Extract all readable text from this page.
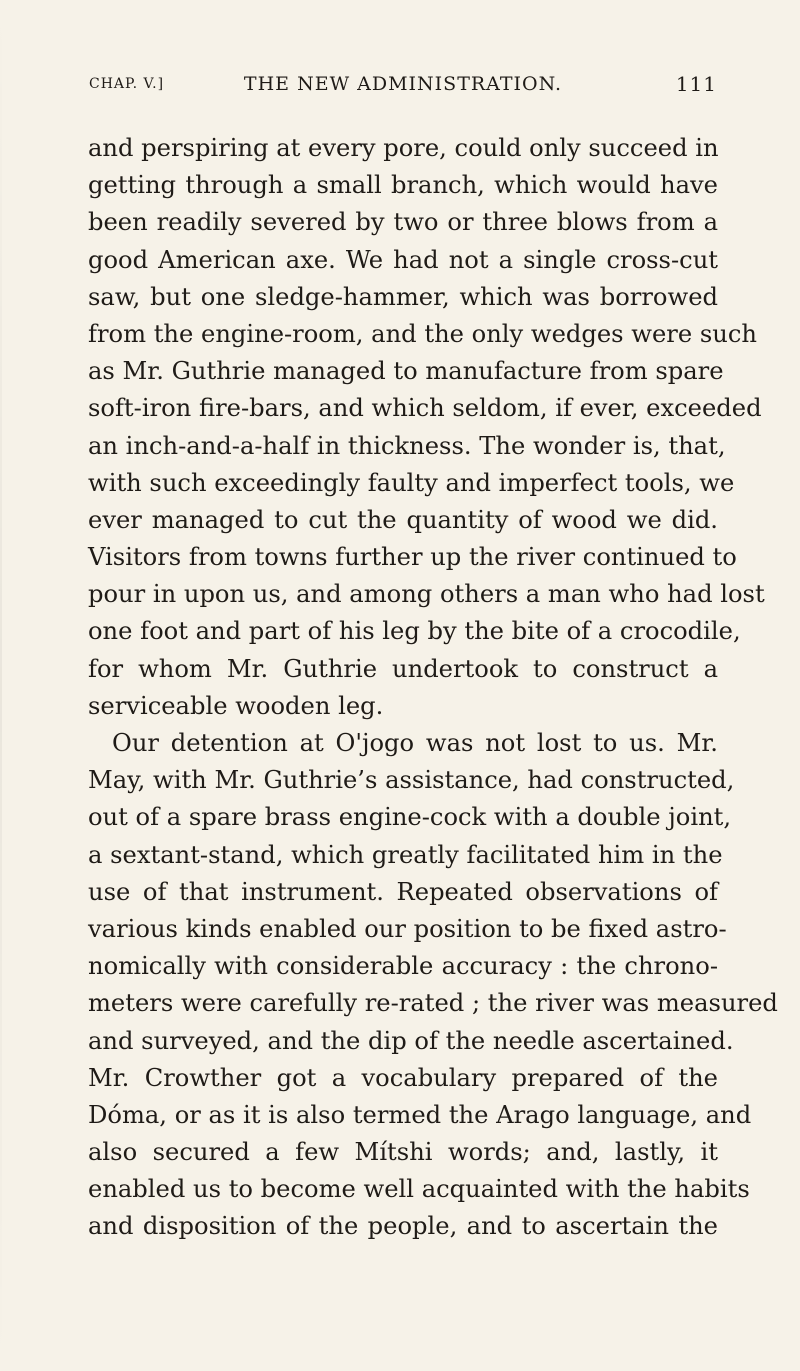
CHAP. V.]	THE NEW ADMINISTRATION.	111
and perspiring at every pore, could only succeed in
getting through a small branch, which would have
been readily severed by two or three blows from a
good American axe. We had not a single cross-cut
saw, but one sledge-hammer, which was borrowed
from the engine-room, and the only wedges were such
as Mr. Guthrie managed to manufacture from spare
soft-iron fire-bars, and which seldom, if ever, exceeded
an inch-and-a-half in thickness. The wonder is, that,
with such exceedingly faulty and imperfect tools, we
ever managed to cut the quantity of wood we did.
Visitors from towns further up the river continued to
pour in upon us, and among others a man who had lost
one foot and part of his leg by the bite of a crocodile,
for whom Mr. Guthrie undertook to construct a
serviceable wooden leg.
Our detention at O'jogo was not lost to us. Mr.
May, with Mr. Guthrie’s assistance, had constructed,
out of a spare brass engine-cock with a double joint,
a sextant-stand, which greatly facilitated him in the
use of that instrument. Repeated observations of
various kinds enabled our position to be fixed astro-
nomically with considerable accuracy : the chrono-
meters were carefully re-rated ; the river was measured
and surveyed, and the dip of the needle ascertained.
Mr. Crowther got a vocabulary prepared of the
Dóma, or as it is also termed the Arago language, and
also secured a few Mítshi words; and, lastly, it
enabled us to become well acquainted with the habits
and disposition of the people, and to ascertain the
